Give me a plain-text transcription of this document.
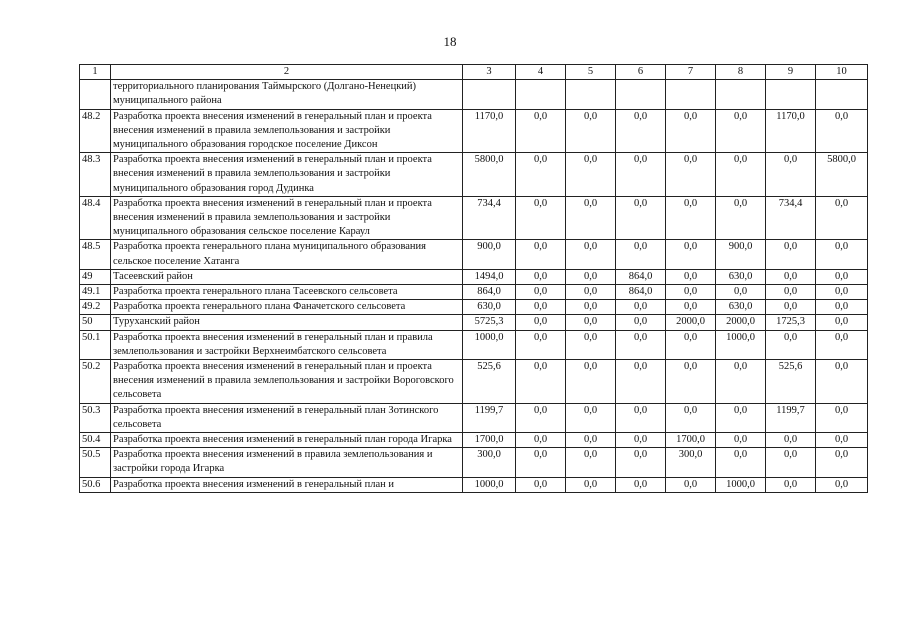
18
1	2	3	4	5	6	7	8	9	10
	территориального планирования Таймырского (Долгано-Ненецкий) муниципального района								
48.2	Разработка проекта внесения изменений в генеральный план и проекта внесения изменений в правила землепользования и застройки муниципального образования городское поселение Диксон	1170,0	0,0	0,0	0,0	0,0	0,0	1170,0	0,0
48.3	Разработка проекта внесения изменений в генеральный план и проекта внесения изменений в правила землепользования и застройки муниципального образования город Дудинка	5800,0	0,0	0,0	0,0	0,0	0,0	0,0	5800,0
48.4	Разработка проекта внесения изменений в генеральный план и проекта внесения изменений в правила землепользования и застройки муниципального образования сельское поселение Караул	734,4	0,0	0,0	0,0	0,0	0,0	734,4	0,0
48.5	Разработка проекта генерального плана муниципального образования сельское поселение Хатанга	900,0	0,0	0,0	0,0	0,0	900,0	0,0	0,0
49	Тасеевский район	1494,0	0,0	0,0	864,0	0,0	630,0	0,0	0,0
49.1	Разработка проекта генерального плана Тасеевского сельсовета	864,0	0,0	0,0	864,0	0,0	0,0	0,0	0,0
49.2	Разработка проекта генерального плана Фаначетского сельсовета	630,0	0,0	0,0	0,0	0,0	630,0	0,0	0,0
50	Туруханский район	5725,3	0,0	0,0	0,0	2000,0	2000,0	1725,3	0,0
50.1	Разработка проекта внесения изменений в генеральный план и правила землепользования и застройки Верхнеимбатского сельсовета	1000,0	0,0	0,0	0,0	0,0	1000,0	0,0	0,0
50.2	Разработка проекта внесения изменений в генеральный план и проекта внесения изменений в правила землепользования и застройки Вороговского сельсовета	525,6	0,0	0,0	0,0	0,0	0,0	525,6	0,0
50.3	Разработка проекта внесения изменений в генеральный план Зотинского сельсовета	1199,7	0,0	0,0	0,0	0,0	0,0	1199,7	0,0
50.4	Разработка проекта внесения изменений в генеральный план города Игарка	1700,0	0,0	0,0	0,0	1700,0	0,0	0,0	0,0
50.5	Разработка проекта внесения изменений в правила землепользования и застройки города Игарка	300,0	0,0	0,0	0,0	300,0	0,0	0,0	0,0
50.6	Разработка проекта внесения изменений в генеральный план и	1000,0	0,0	0,0	0,0	0,0	1000,0	0,0	0,0
